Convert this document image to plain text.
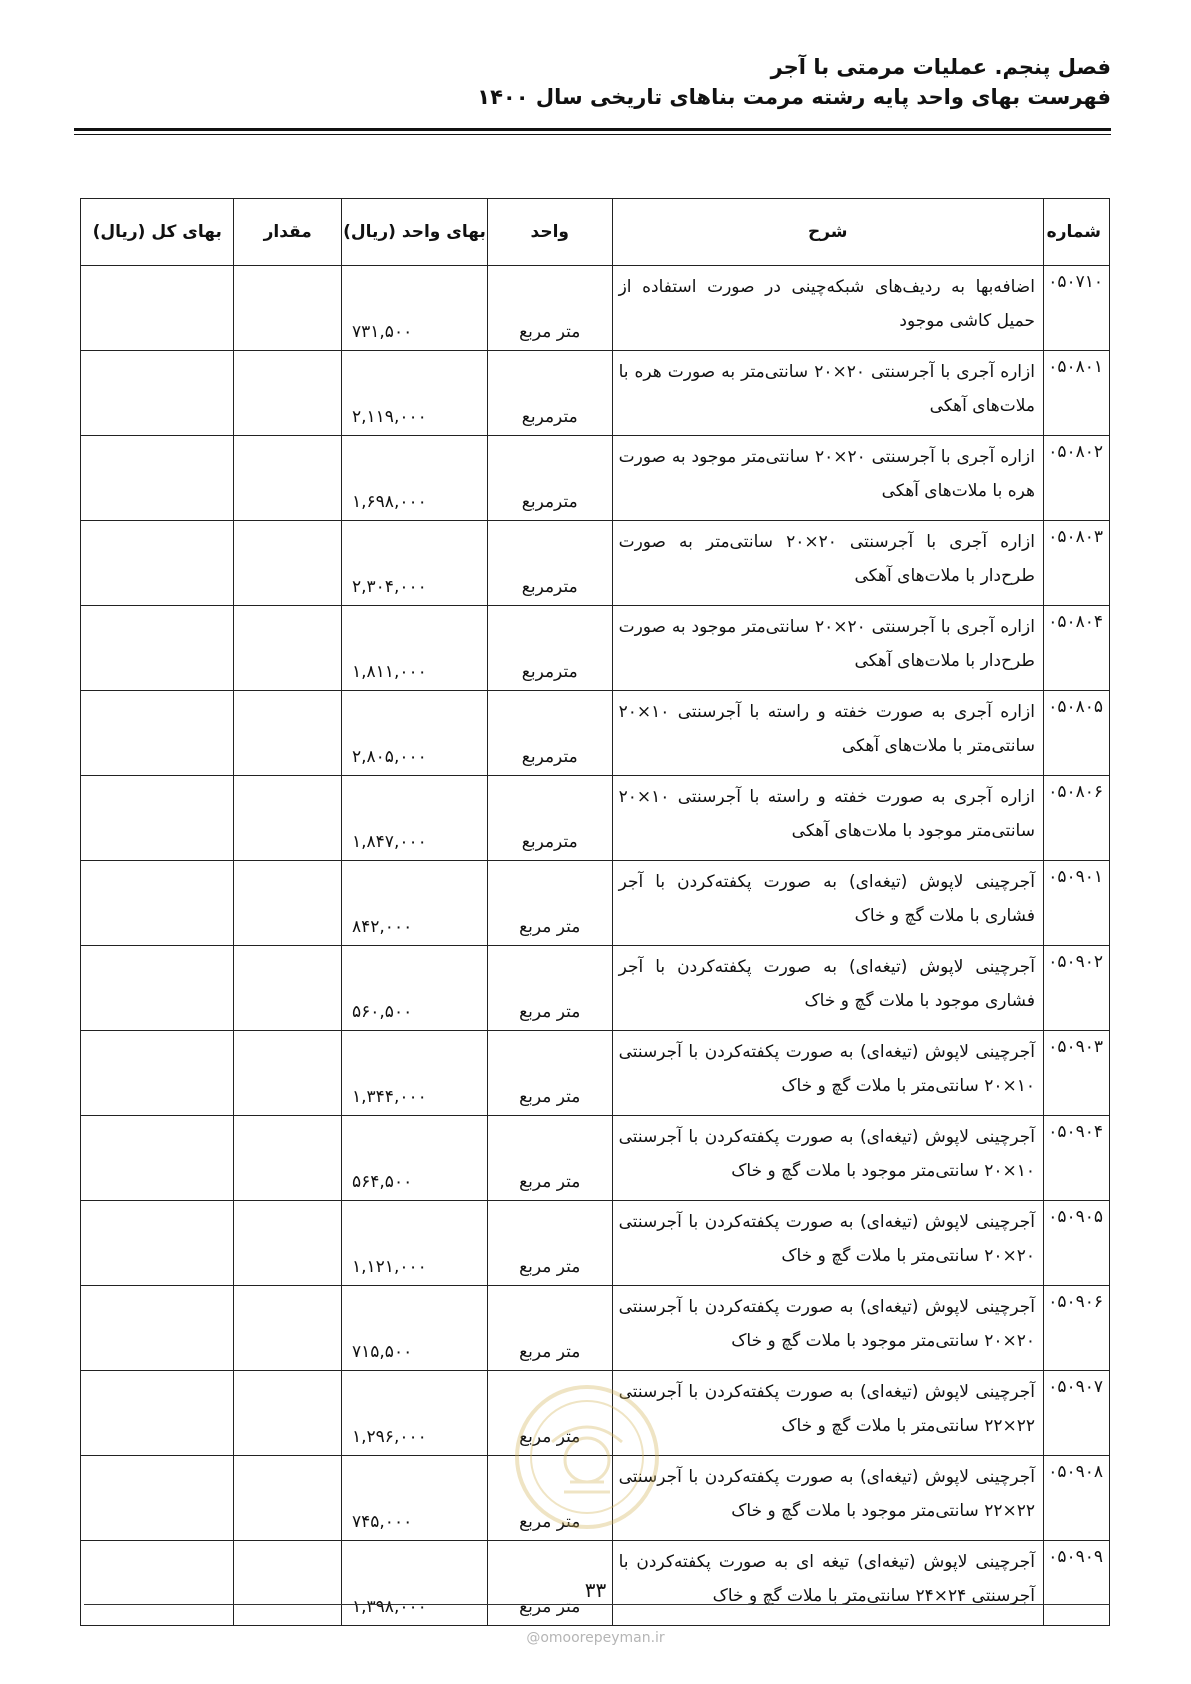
فصل پنجم. عملیات مرمتی با آجر

فهرست بهای واحد پایه رشته مرمت بناهای تاریخی سال ۱۴۰۰

شماره	شرح	واحد	بهای واحد (ریال)	مقدار	بهای کل (ریال)
۰۵۰۷۱۰	اضافه‌بها به ردیف‌های شبکه‌چینی در صورت استفاده از حمیل کاشی موجود	متر مربع	۷۳۱,۵۰۰		
۰۵۰۸۰۱	ازاره آجری با آجرسنتی ۲۰×۲۰ سانتی‌متر به صورت هره با ملات‌های آهکی	مترمربع	۲,۱۱۹,۰۰۰		
۰۵۰۸۰۲	ازاره آجری با آجرسنتی ۲۰×۲۰ سانتی‌متر موجود به صورت هره با ملات‌های آهکی	مترمربع	۱,۶۹۸,۰۰۰		
۰۵۰۸۰۳	ازاره آجری با آجرسنتی ۲۰×۲۰ سانتی‌متر به صورت طرح‌دار با ملات‌های آهکی	مترمربع	۲,۳۰۴,۰۰۰		
۰۵۰۸۰۴	ازاره آجری با آجرسنتی ۲۰×۲۰ سانتی‌متر موجود به صورت طرح‌دار با ملات‌های آهکی	مترمربع	۱,۸۱۱,۰۰۰		
۰۵۰۸۰۵	ازاره آجری به صورت خفته و راسته با آجرسنتی ۱۰×۲۰ سانتی‌متر با ملات‌های آهکی	مترمربع	۲,۸۰۵,۰۰۰		
۰۵۰۸۰۶	ازاره آجری به صورت خفته و راسته با آجرسنتی ۱۰×۲۰ سانتی‌متر موجود با ملات‌های آهکی	مترمربع	۱,۸۴۷,۰۰۰		
۰۵۰۹۰۱	آجرچینی لاپوش (تیغه‌ای) به صورت پکفته‌کردن با آجر فشاری با ملات گچ و خاک	متر مربع	۸۴۲,۰۰۰		
۰۵۰۹۰۲	آجرچینی لاپوش (تیغه‌ای) به صورت پکفته‌کردن با آجر فشاری موجود با ملات گچ و خاک	متر مربع	۵۶۰,۵۰۰		
۰۵۰۹۰۳	آجرچینی لاپوش (تیغه‌ای) به صورت پکفته‌کردن با آجرسنتی ۱۰×۲۰ سانتی‌متر با ملات گچ و خاک	متر مربع	۱,۳۴۴,۰۰۰		
۰۵۰۹۰۴	آجرچینی لاپوش (تیغه‌ای) به صورت پکفته‌کردن با آجرسنتی ۱۰×۲۰ سانتی‌متر موجود با ملات گچ و خاک	متر مربع	۵۶۴,۵۰۰		
۰۵۰۹۰۵	آجرچینی لاپوش (تیغه‌ای) به صورت پکفته‌کردن با آجرسنتی ۲۰×۲۰ سانتی‌متر با ملات گچ و خاک	متر مربع	۱,۱۲۱,۰۰۰		
۰۵۰۹۰۶	آجرچینی لاپوش (تیغه‌ای) به صورت پکفته‌کردن با آجرسنتی ۲۰×۲۰ سانتی‌متر موجود با ملات گچ و خاک	متر مربع	۷۱۵,۵۰۰		
۰۵۰۹۰۷	آجرچینی لاپوش (تیغه‌ای) به صورت پکفته‌کردن با آجرسنتی ۲۲×۲۲ سانتی‌متر با ملات گچ و خاک	متر مربع	۱,۲۹۶,۰۰۰		
۰۵۰۹۰۸	آجرچینی لاپوش (تیغه‌ای) به صورت پکفته‌کردن با آجرسنتی ۲۲×۲۲ سانتی‌متر موجود با ملات گچ و خاک	متر مربع	۷۴۵,۰۰۰		
۰۵۰۹۰۹	آجرچینی لاپوش (تیغه‌ای) تیغه ای به صورت پکفته‌کردن با آجرسنتی ۲۴×۲۴ سانتی‌متر با ملات گچ و خاک	متر مربع	۱,۳۹۸,۰۰۰		
۳۳
@omoorepeyman.ir
